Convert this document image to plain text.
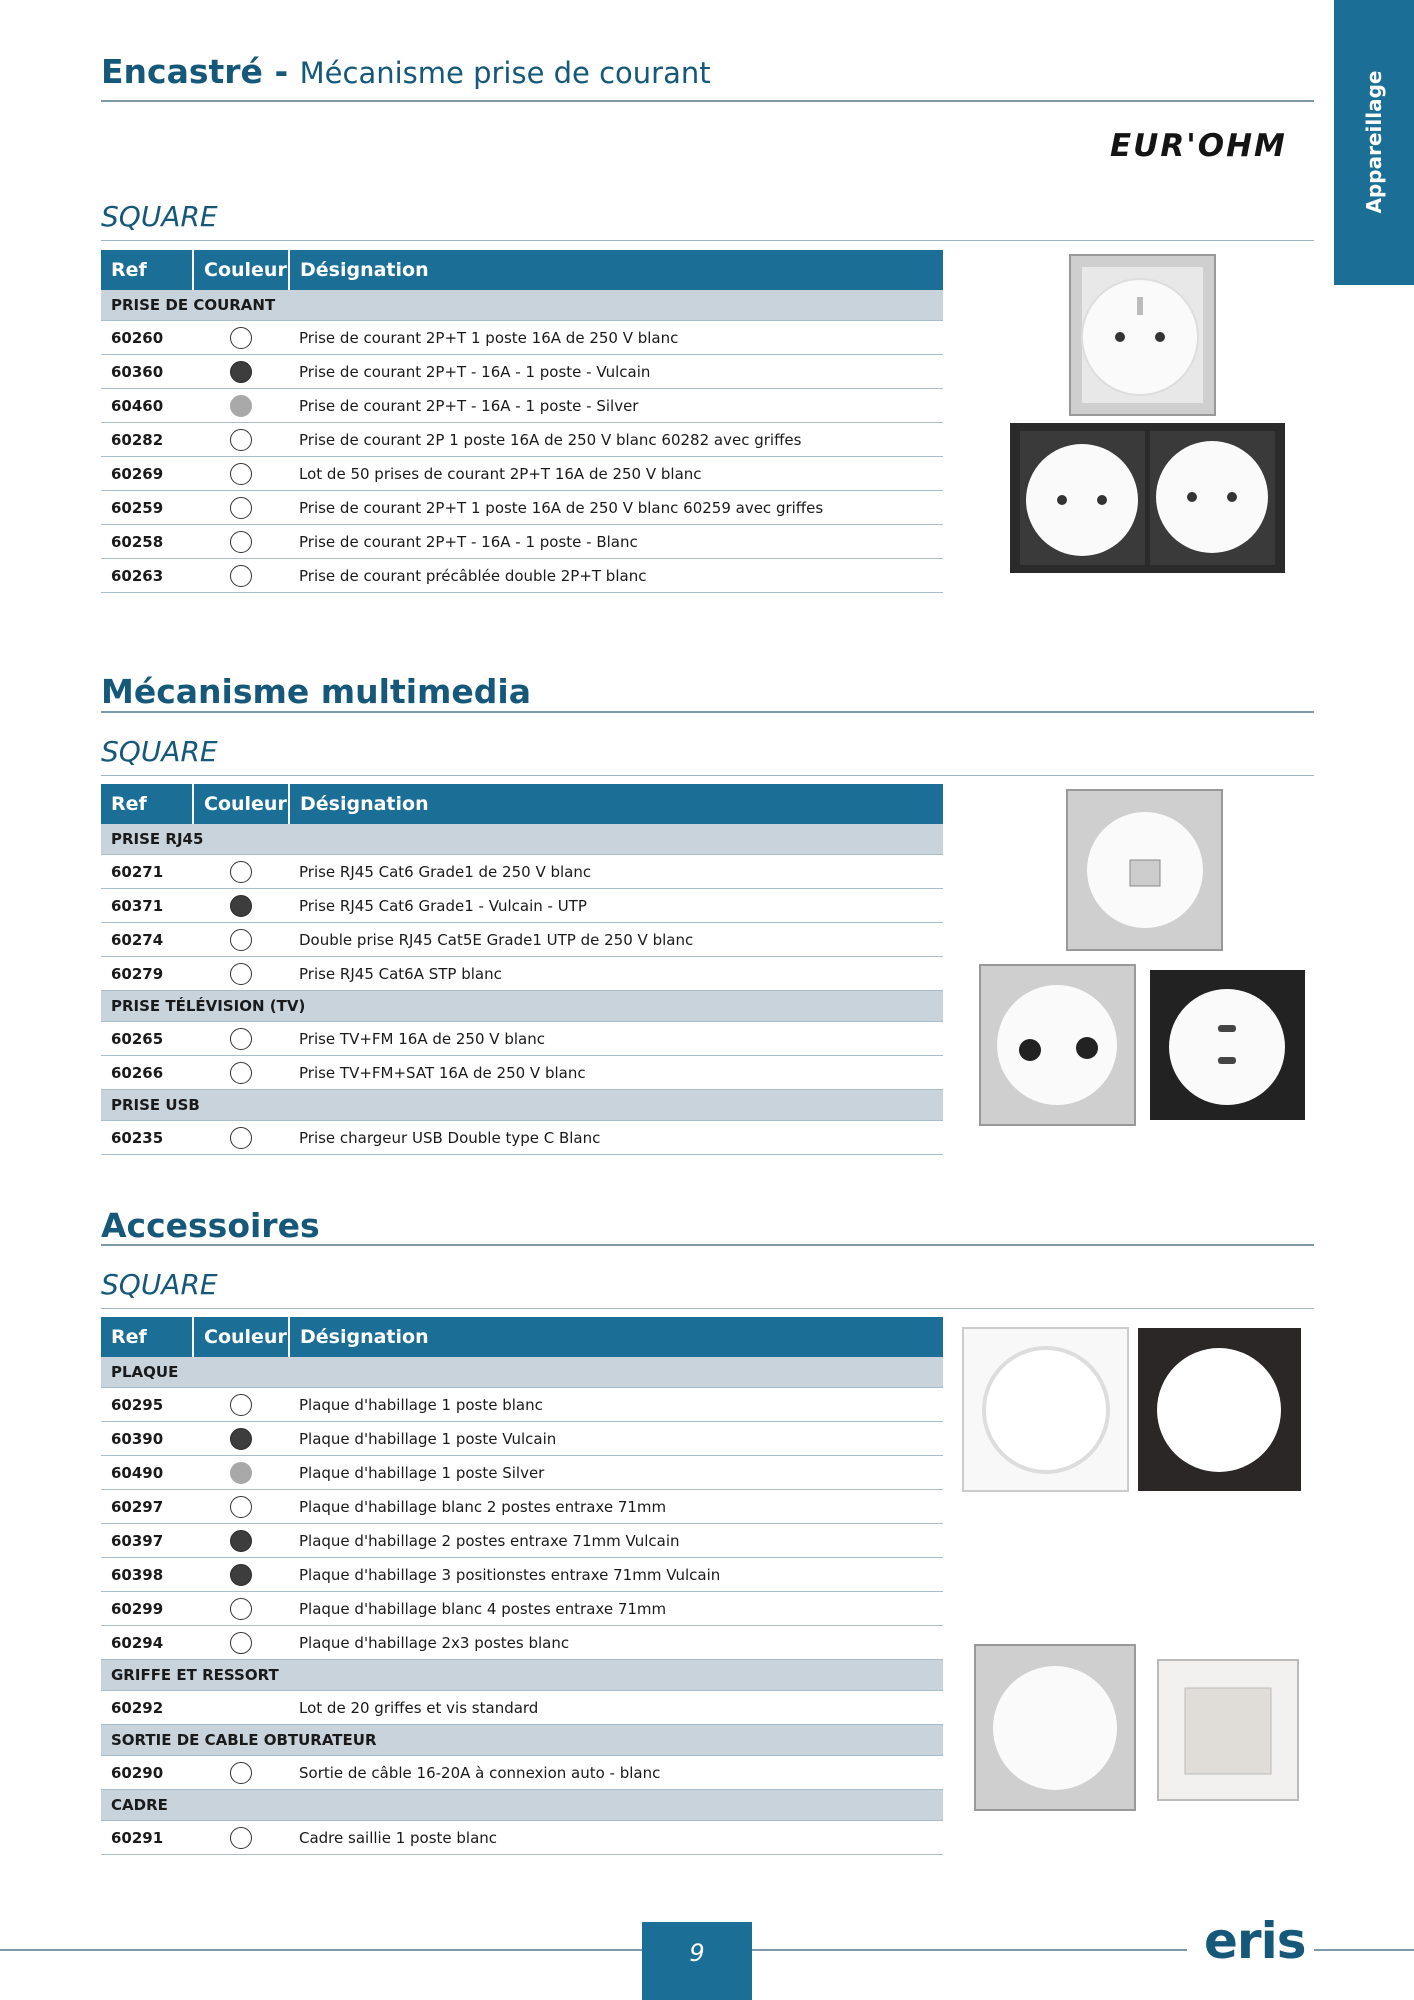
Appareillage
Encastré - Mécanisme prise de courant
EUR'OHM
SQUARE
Ref	Couleur	Désignation
PRISE DE COURANT		
60260		Prise de courant 2P+T 1 poste 16A de 250 V blanc
60360		Prise de courant 2P+T - 16A - 1 poste - Vulcain
60460		Prise de courant 2P+T - 16A - 1 poste - Silver
60282		Prise de courant 2P 1 poste 16A de 250 V blanc 60282 avec griffes
60269		Lot de 50 prises de courant 2P+T 16A de 250 V blanc
60259		Prise de courant 2P+T 1 poste 16A de 250 V blanc 60259 avec griffes
60258		Prise de courant 2P+T - 16A - 1 poste - Blanc
60263		Prise de courant précâblée double 2P+T blanc
Mécanisme multimedia
SQUARE
Ref	Couleur	Désignation
PRISE RJ45		
60271		Prise RJ45 Cat6 Grade1 de 250 V blanc
60371		Prise RJ45 Cat6 Grade1 - Vulcain - UTP
60274		Double prise RJ45 Cat5E Grade1 UTP de 250 V blanc
60279		Prise RJ45 Cat6A STP blanc
PRISE TÉLÉVISION (TV)		
60265		Prise TV+FM 16A de 250 V blanc
60266		Prise TV+FM+SAT 16A de 250 V blanc
PRISE USB		
60235		Prise chargeur USB Double type C Blanc
Accessoires
SQUARE
Ref	Couleur	Désignation
PLAQUE		
60295		Plaque d'habillage 1 poste blanc
60390		Plaque d'habillage 1 poste Vulcain
60490		Plaque d'habillage 1 poste Silver
60297		Plaque d'habillage blanc 2 postes entraxe 71mm
60397		Plaque d'habillage 2 postes entraxe 71mm Vulcain
60398		Plaque d'habillage 3 positionstes entraxe 71mm Vulcain
60299		Plaque d'habillage blanc 4 postes entraxe 71mm
60294		Plaque d'habillage 2x3 postes blanc
GRIFFE ET RESSORT		
60292		Lot de 20 griffes et vis standard
SORTIE DE CABLE OBTURATEUR		
60290		Sortie de câble 16-20A à connexion auto - blanc
CADRE		
60291		Cadre saillie 1 poste blanc
9	eris
